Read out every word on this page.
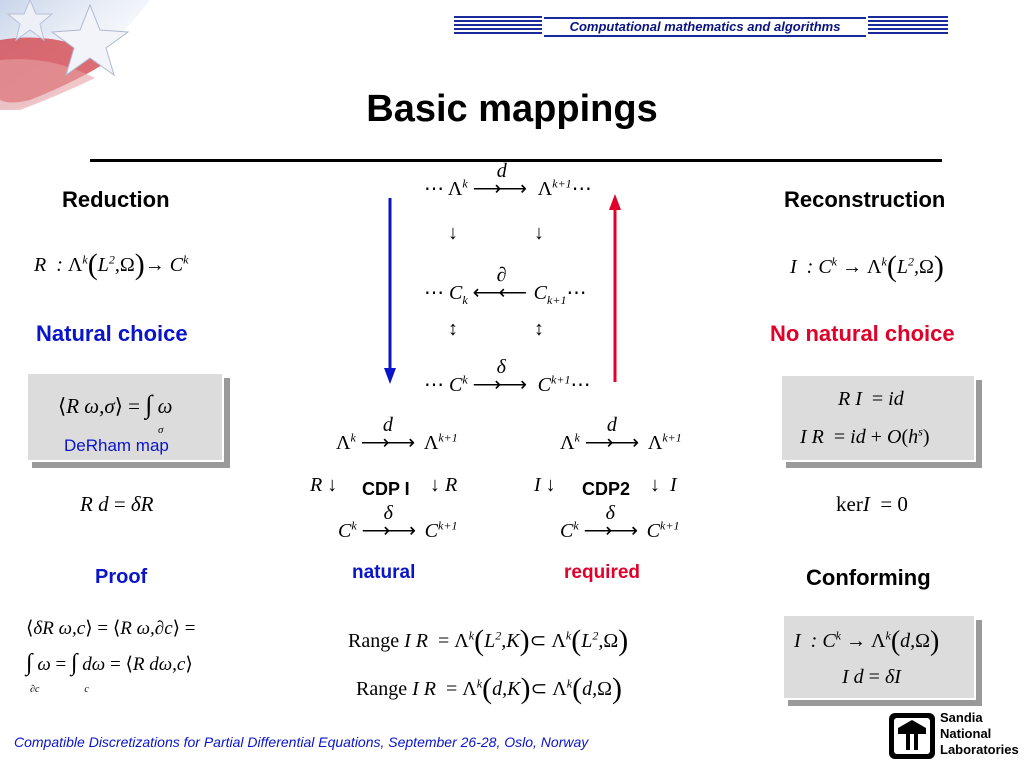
Computational mathematics and algorithms
Basic mappings
Reduction
R  : $\Lambda^k(L^2,\Omega)\to C^k$
Natural choice
⟨R ω,σ⟩ = ∫ ω
σ
DeRham map
R d = δR
Proof
⟨δR ω,c⟩ = ⟨R ω,∂c⟩ =
∫ ω = ∫ dω = ⟨R dω,c⟩
∂c                  c
⋯ $\Lambda^k$
d
⟶⟶ $\Lambda^{k+1}\cdots$
↓	↓
⋯ $C_k$
∂
⟵⟵ $C_{k+1}\cdots$
↕	↕
⋯ $C^k$
δ
⟶⟶ $C^{k+1}\cdots$
$\Lambda^k$
d
⟶⟶ $\Lambda^{k+1}$
R ↓ CDP I ↓ R
$C^k$
δ
⟶⟶ $C^{k+1}$
natural
$\Lambda^k$
d
⟶⟶ $\Lambda^{k+1}$
I ↓ CDP2 ↓  I
$C^k$
δ
⟶⟶ $C^{k+1}$
required
Range I $R = \Lambda^k(L^2,K)\subset$ $\Lambda^k(L^2,\Omega)$
Range I $R = \Lambda^k(d,K)\subset$ $\Lambda^k(d,\Omega)$
Reconstruction
I  : $C^k \to \Lambda^k(L^2,\Omega)$
No natural choice
R I  = id
I R  = id + $O(h^s)$
kerI  = 0
Conforming
I  : $C^k \to \Lambda^k(d,\Omega)$
I d = δI
Compatible Discretizations for Partial Differential Equations, September 26-28, Oslo, Norway
Sandia
National
Laboratories
